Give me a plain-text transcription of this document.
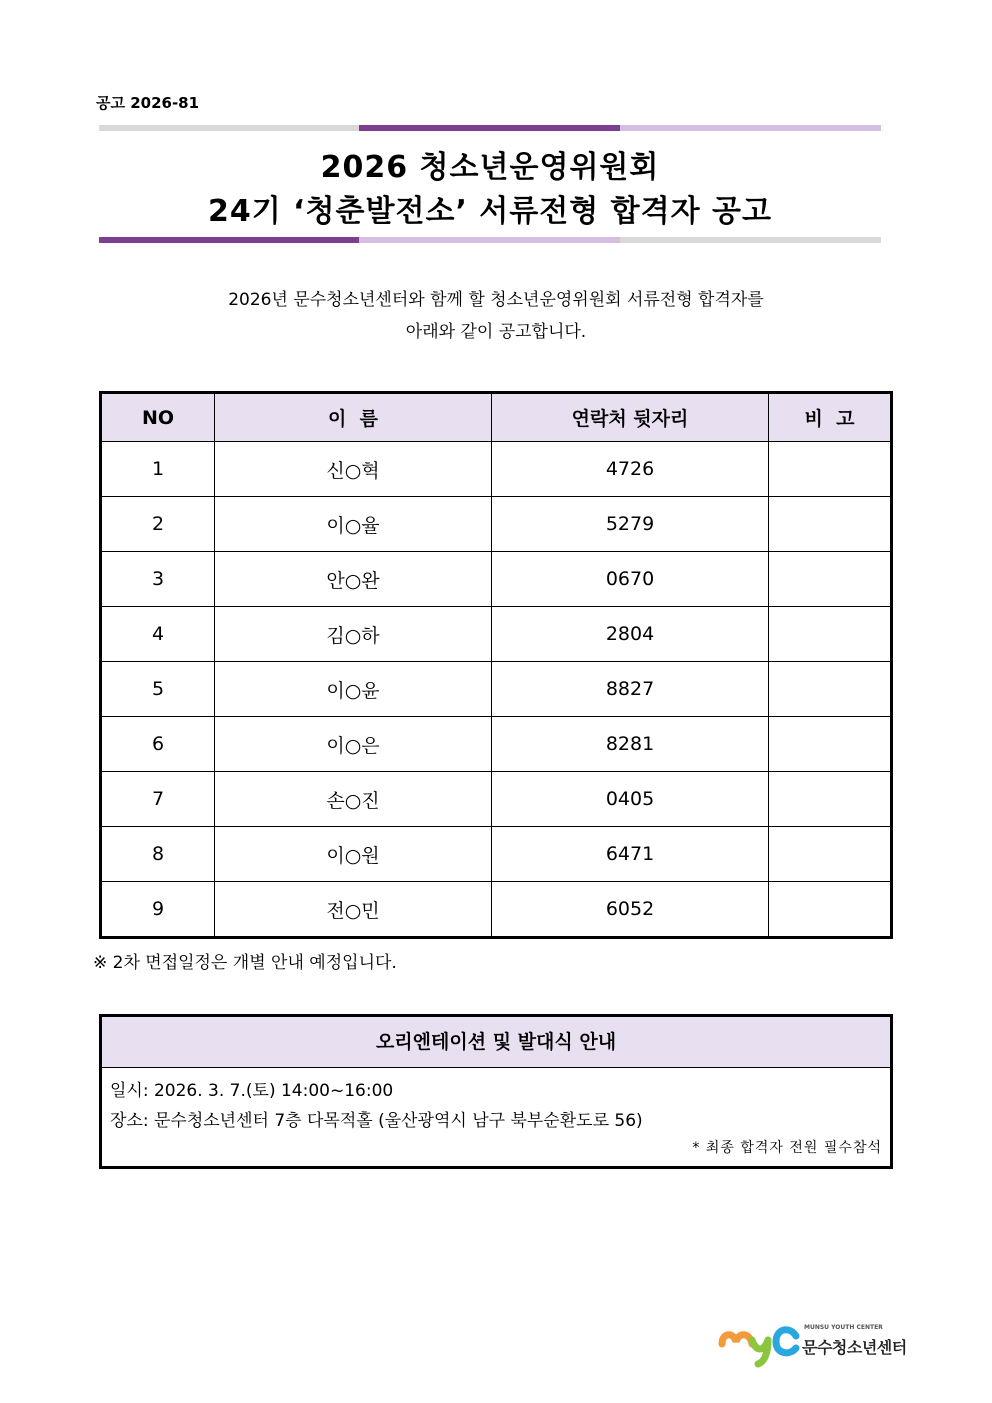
공고 2026-81
2026 청소년운영위원회
24기 ‘청춘발전소’ 서류전형 합격자 공고
2026년 문수청소년센터와 함께 할 청소년운영위원회 서류전형 합격자를
아래와 같이 공고합니다.
NO	이  름	연락처 뒷자리	비  고
1	신○혁	4726	
2	이○율	5279	
3	안○완	0670	
4	김○하	2804	
5	이○윤	8827	
6	이○은	8281	
7	손○진	0405	
8	이○원	6471	
9	전○민	6052	
※ 2차 면접일정은 개별 안내 예정입니다.
오리엔테이션 및 발대식 안내
일시: 2026. 3. 7.(토) 14:00~16:00
장소: 문수청소년센터 7층 다목적홀 (울산광역시 남구 북부순환도로 56)
* 최종 합격자 전원 필수참석
MUNSU YOUTH CENTER
문수청소년센터
